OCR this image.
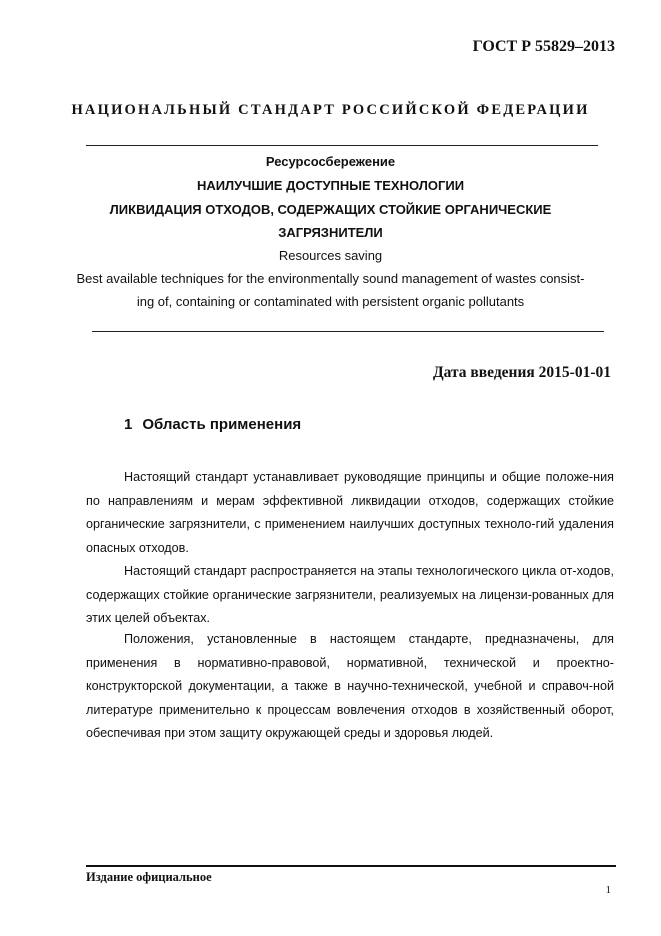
ГОСТ Р 55829–2013
НАЦИОНАЛЬНЫЙ СТАНДАРТ РОССИЙСКОЙ ФЕДЕРАЦИИ
Ресурсосбережение
НАИЛУЧШИЕ ДОСТУПНЫЕ ТЕХНОЛОГИИ
ЛИКВИДАЦИЯ ОТХОДОВ, СОДЕРЖАЩИХ СТОЙКИЕ ОРГАНИЧЕСКИЕ
ЗАГРЯЗНИТЕЛИ
Resources saving
Best available techniques for the environmentally sound management of wastes consist-
ing of, containing or contaminated with persistent organic pollutants
Дата введения 2015-01-01
1 Область применения

Настоящий стандарт устанавливает руководящие принципы и общие положе-ния по направлениям и мерам эффективной ликвидации отходов, содержащих стойкие органические загрязнители, с применением наилучших доступных техноло-гий удаления опасных отходов.

Настоящий стандарт распространяется на этапы технологического цикла от-ходов, содержащих стойкие органические загрязнители, реализуемых на лицензи-рованных для этих целей объектах.

Положения, установленные в настоящем стандарте, предназначены, для применения в нормативно-правовой, нормативной, технической и проектно-конструкторской документации, а также в научно-технической, учебной и справоч-ной литературе применительно к процессам вовлечения отходов в хозяйственный оборот, обеспечивая при этом защиту окружающей среды и здоровья людей.

Издание официальное
1
